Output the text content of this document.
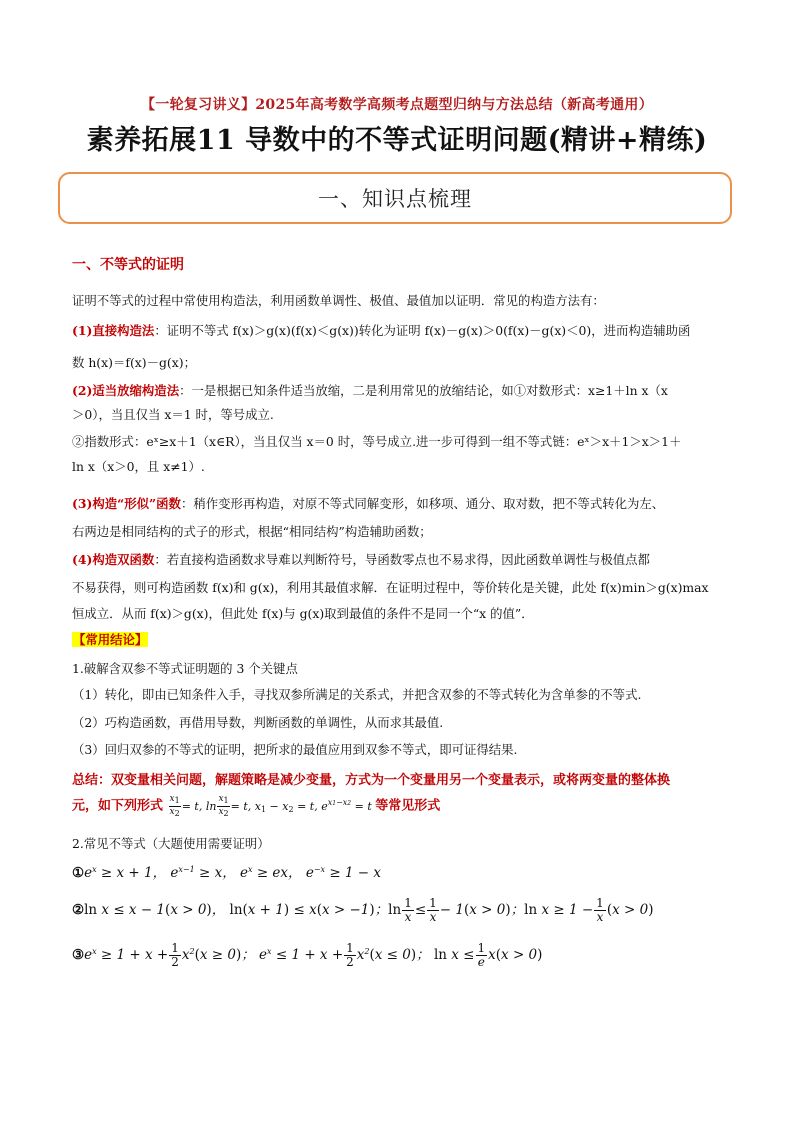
【一轮复习讲义】2025年高考数学高频考点题型归纳与方法总结（新高考通用）
素养拓展11 导数中的不等式证明问题(精讲+精练)
一、知识点梳理
一、不等式的证明
证明不等式的过程中常使用构造法，利用函数单调性、极值、最值加以证明．常见的构造方法有：
(1)直接构造法：证明不等式 f(x)＞g(x)(f(x)＜g(x))转化为证明 f(x)－g(x)＞0(f(x)－g(x)＜0)，进而构造辅助函
数 h(x)＝f(x)－g(x)；
(2)适当放缩构造法：一是根据已知条件适当放缩，二是利用常见的放缩结论，如①对数形式：x≥1＋ln x（x
＞0），当且仅当 x＝1 时，等号成立.
②指数形式：eˣ≥x＋1（x∈R），当且仅当 x＝0 时，等号成立.进一步可得到一组不等式链：eˣ＞x＋1＞x＞1＋
ln x（x＞0，且 x≠1）.
(3)构造“形似”函数：稍作变形再构造，对原不等式同解变形，如移项、通分、取对数，把不等式转化为左、
右两边是相同结构的式子的形式，根据“相同结构”构造辅助函数；
(4)构造双函数：若直接构造函数求导难以判断符号，导函数零点也不易求得，因此函数单调性与极值点都
不易获得，则可构造函数 f(x)和 g(x)，利用其最值求解．在证明过程中，等价转化是关键，此处 f(x)min＞g(x)max
恒成立．从而 f(x)＞g(x)，但此处 f(x)与 g(x)取到最值的条件不是同一个“x 的值”．
【常用结论】
1.破解含双参不等式证明题的 3 个关键点
（1）转化，即由已知条件入手，寻找双参所满足的关系式，并把含双参的不等式转化为含单参的不等式.
（2）巧构造函数，再借用导数，判断函数的单调性，从而求其最值.
（3）回归双参的不等式的证明，把所求的最值应用到双参不等式，即可证得结果.
总结：双变量相关问题，解题策略是减少变量，方式为一个变量用另一个变量表示，或将两变量的整体换
元，如下列形式 $\frac{x1}{x2} = t$, $\ln \frac{x1}{x2} = t$, $x_1 - x_2 = t$, $e^{x1-x2} = t$ 等常见形式
2.常见不等式（大题使用需要证明）
$①e^x \ge x + 1$， $e^{x-1} \ge x$， $e^x$ ≥ ex， $e^{-x} \ge 1 - x$
②ln x ≤ x − 1(x > 0)， ln(x + 1) ≤ x(x > −1)；$\ln \frac{1}{x} \le \frac{1}{x} - 1(x > 0)$；$\ln x \ge 1 - \frac{1}{x} (x > 0)$
$③e^x \ge 1 + x + \frac{1}{2} x^2(x \ge 0)$； $e^x \le 1 + x + \frac{1}{2} x^2(x \le 0)$； $\ln x \le \frac{1}{e} x(x > 0)$
